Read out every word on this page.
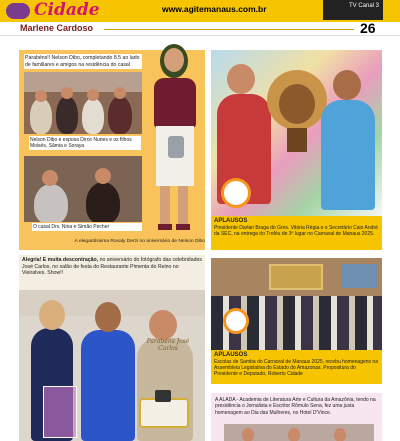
Cidade	www.agitemanaus.com.br	TV Canal 3
Marlene Cardoso	26
Parabéns!! Nelson Dibo, completando 8.5 ao lado de familiares e amigos na residência do casal
Nelson Dibo e esposa Dirce Nunes e os filhos Moisés, Sâmia e Soraya
O casal Drs. Nina e Simão Pecher
A elegantíssima Rosaly Derzi no aniversário de Nelson Dibo
APLAUSOS
Presidente Darlan Braga do Gres. Vitória Régia e o Secretário Caio André da SEC, na entrega do Troféu de 3º lugar no Carnaval de Manaus 2025.
Alegria! E muita descontração, no aniversário do fotógrafo das celebridades José Carlos, no salão de festa do Restaurante Pimenta do Reino no Vieiralves. Show!!
Parabéns José Carlos
APLAUSOS
Escolas de Samba do Carnaval de Manaus 2025, recebu homenagens na Assembleia Legislativa do Estado do Amazonas. Propositura do Presidente e Deputado, Roberto Cidade
A ALADA - Academia de Literatura Arte e Cultura da Amazônia, tendo na presidência o Jornalista e Escritor Rômulo Sena, fez uma justa homenagem ao Dia das Mulheres, no Hotel D'Vince.
